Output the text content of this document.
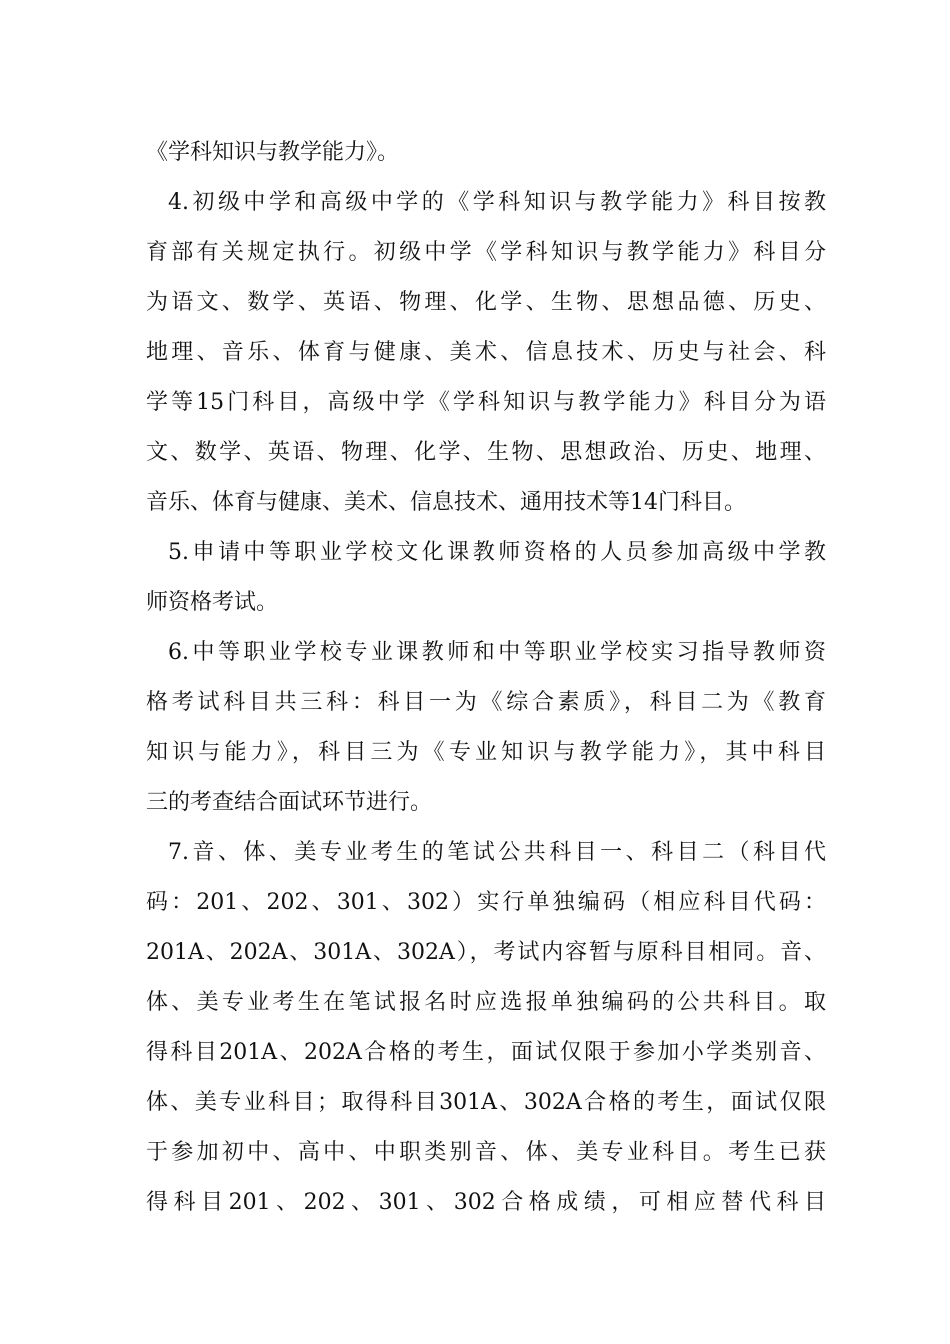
《学科知识与教学能力》。
4.初级中学和高级中学的《学科知识与教学能力》科目按教
育部有关规定执行。初级中学《学科知识与教学能力》科目分
为语文、数学、英语、物理、化学、生物、思想品德、历史、
地理、音乐、体育与健康、美术、信息技术、历史与社会、科
学等15门科目，高级中学《学科知识与教学能力》科目分为语
文、数学、英语、物理、化学、生物、思想政治、历史、地理、
音乐、体育与健康、美术、信息技术、通用技术等14门科目。
5.申请中等职业学校文化课教师资格的人员参加高级中学教
师资格考试。
6.中等职业学校专业课教师和中等职业学校实习指导教师资
格考试科目共三科：科目一为《综合素质》，科目二为《教育
知识与能力》，科目三为《专业知识与教学能力》，其中科目
三的考查结合面试环节进行。
7.音、体、美专业考生的笔试公共科目一、科目二（科目代
码：201、202、301、302）实行单独编码（相应科目代码：
201A、202A、301A、302A），考试内容暂与原科目相同。音、
体、美专业考生在笔试报名时应选报单独编码的公共科目。取
得科目201A、202A合格的考生，面试仅限于参加小学类别音、
体、美专业科目；取得科目301A、302A合格的考生，面试仅限
于参加初中、高中、中职类别音、体、美专业科目。考生已获
得科目201、202、301、302合格成绩，可相应替代科目
